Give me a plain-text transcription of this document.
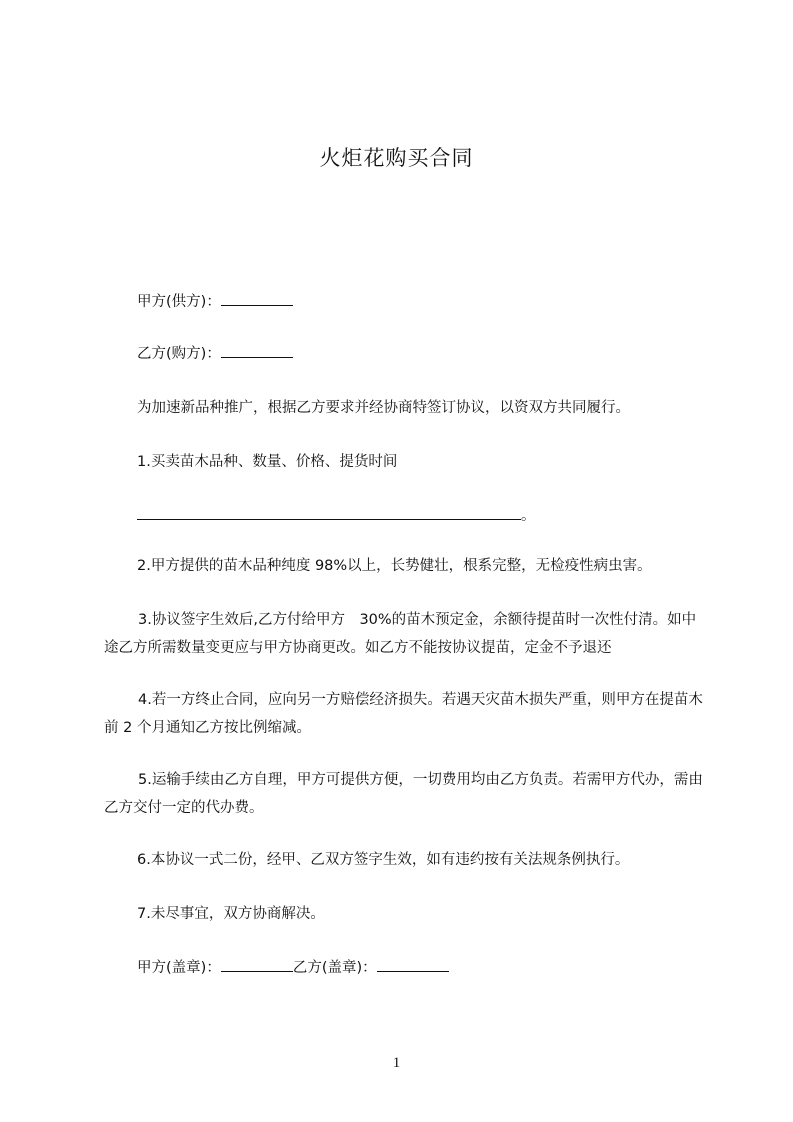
火炬花购买合同
甲方(供方)：
乙方(购方)：
为加速新品种推广，根据乙方要求并经协商特签订协议，以资双方共同履行。
1.买卖苗木品种、数量、价格、提货时间
。
2.甲方提供的苗木品种纯度 98%以上，长势健壮，根系完整，无检疫性病虫害。
3.协议签字生效后,乙方付给甲方　30%的苗木预定金，余额待提苗时一次性付清。如中途乙方所需数量变更应与甲方协商更改。如乙方不能按协议提苗，定金不予退还
4.若一方终止合同，应向另一方赔偿经济损失。若遇天灾苗木损失严重，则甲方在提苗木前 2 个月通知乙方按比例缩减。
5.运输手续由乙方自理，甲方可提供方便，一切费用均由乙方负责。若需甲方代办，需由乙方交付一定的代办费。
6.本协议一式二份，经甲、乙双方签字生效，如有违约按有关法规条例执行。
7.未尽事宜，双方协商解决。
甲方(盖章)：	乙方(盖章)：
1
